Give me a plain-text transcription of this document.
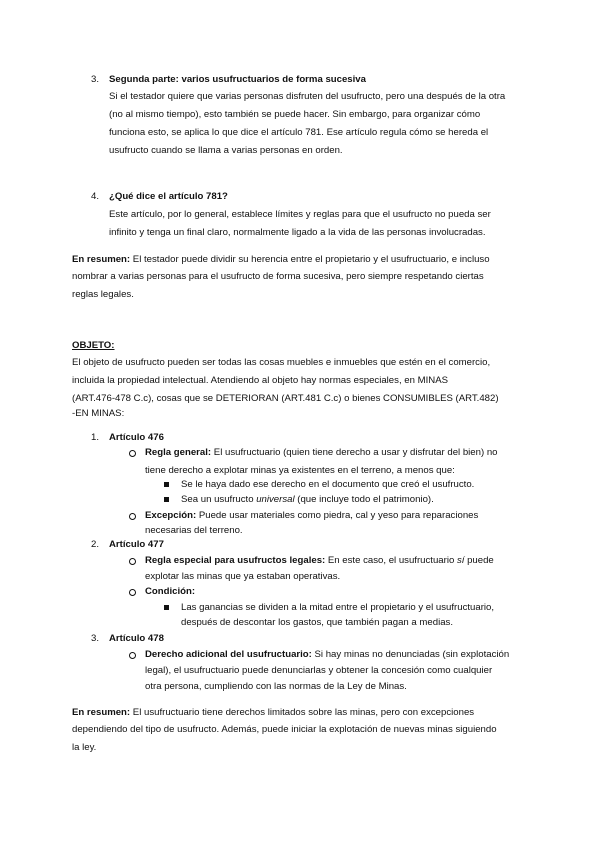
3. Segunda parte: varios usufructuarios de forma sucesiva
Si el testador quiere que varias personas disfruten del usufructo, pero una después de la otra
(no al mismo tiempo), esto también se puede hacer. Sin embargo, para organizar cómo
funciona esto, se aplica lo que dice el artículo 781. Ese artículo regula cómo se hereda el
usufructo cuando se llama a varias personas en orden.
4. ¿Qué dice el artículo 781?
Este artículo, por lo general, establece límites y reglas para que el usufructo no pueda ser
infinito y tenga un final claro, normalmente ligado a la vida de las personas involucradas.
En resumen: El testador puede dividir su herencia entre el propietario y el usufructuario, e incluso
nombrar a varias personas para el usufructo de forma sucesiva, pero siempre respetando ciertas
reglas legales.
OBJETO:
El objeto de usufructo pueden ser todas las cosas muebles e inmuebles que estén en el comercio,
incluida la propiedad intelectual. Atendiendo al objeto hay normas especiales, en MINAS
(ART.476-478 C.c), cosas que se DETERIORAN (ART.481 C.c) o bienes CONSUMIBLES (ART.482)
-EN MINAS:
1. Artículo 476
Regla general: El usufructuario (quien tiene derecho a usar y disfrutar del bien) no
tiene derecho a explotar minas ya existentes en el terreno, a menos que:
Se le haya dado ese derecho en el documento que creó el usufructo.
Sea un usufructo universal (que incluye todo el patrimonio).
Excepción: Puede usar materiales como piedra, cal y yeso para reparaciones
necesarias del terreno.
2. Artículo 477
Regla especial para usufructos legales: En este caso, el usufructuario sí puede
explotar las minas que ya estaban operativas.
Condición:
Las ganancias se dividen a la mitad entre el propietario y el usufructuario,
después de descontar los gastos, que también pagan a medias.
3. Artículo 478
Derecho adicional del usufructuario: Si hay minas no denunciadas (sin explotación
legal), el usufructuario puede denunciarlas y obtener la concesión como cualquier
otra persona, cumpliendo con las normas de la Ley de Minas.
En resumen: El usufructuario tiene derechos limitados sobre las minas, pero con excepciones
dependiendo del tipo de usufructo. Además, puede iniciar la explotación de nuevas minas siguiendo
la ley.
